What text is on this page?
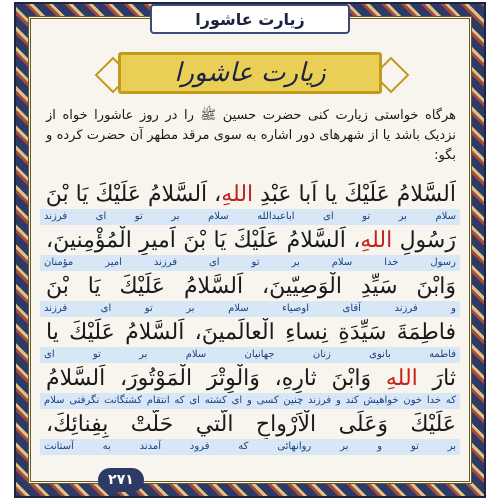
زیارت عاشورا
زیارت عاشورا
هرگاه خواستی زیارت کنی حضرت حسین ﷺ را در روز عاشورا خواه از نزدیک باشد یا از شهرهای دور اشاره به سوی مرقد مطهر آن حضرت کرده و بگو:
اَلسَّلامُ عَلَيْكَ يا اَبا عَبْدِ اللهِ، اَلسَّلامُ عَلَيْكَ يَا بْنَ
سلام بر تو ای اباعبدالله سلام بر تو ای فرزند
رَسُولِ اللهِ، اَلسَّلامُ عَلَيْكَ يَا بْنَ اَميرِ الْمُؤْمِنينَ،
رسول خدا سلام بر تو ای فرزند امیر مؤمنان
وَابْنَ سَيِّدِ الْوَصِيّينَ، اَلسَّلامُ عَلَيْكَ يَا بْنَ
و فرزند آقای اوصیاء سلام بر تو ای فرزند
فاطِمَةَ سَيِّدَةِ نِساءِ الْعالَمينَ، اَلسَّلامُ عَلَيْكَ يا
فاطمه بانوی زنان جهانیان سلام بر تو ای
ثارَ اللهِ وَابْنَ ثارِهِ، وَالْوِتْرَ الْمَوْتُورَ، اَلسَّلامُ
که خدا خون خواهیش کند و فرزند چنین کسی و ای کشته ای که انتقام کشتگانت نگرفتی سلام
عَلَيْكَ وَعَلَى الْاَرْواحِ الَّتي حَلَّتْ بِفِنائِكَ،
بر تو و بر روانهائی که فرود آمدند به آستانت
۲۷۱
